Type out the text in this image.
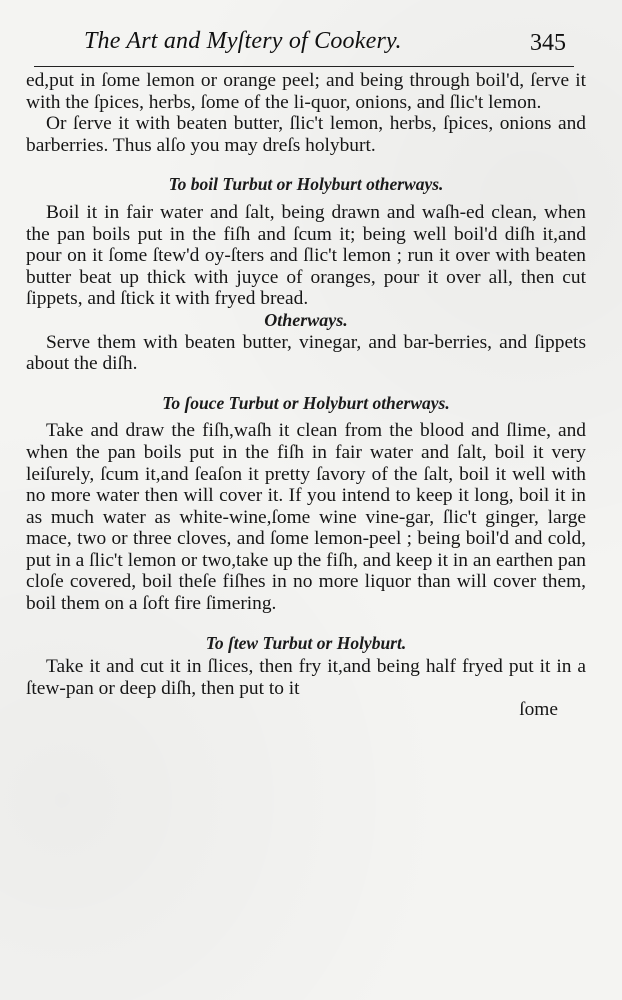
The Art and Myſtery of Cookery.	345

ed,put in ſome lemon or orange peel; and being through boil'd, ſerve it with the ſpices, herbs, ſome of the li-quor, onions, and ſlic't lemon.

Or ſerve it with beaten butter, ſlic't lemon, herbs, ſpices, onions and barberries. Thus alſo you may dreſs holyburt.

To boil Turbut or Holyburt otherways.

Boil it in fair water and ſalt, being drawn and waſh-ed clean, when the pan boils put in the fiſh and ſcum it; being well boil'd diſh it,and pour on it ſome ſtew'd oy-ſters and ſlic't lemon ; run it over with beaten butter beat up thick with juyce of oranges, pour it over all, then cut ſippets, and ſtick it with fryed bread.

Otherways.

Serve them with beaten butter, vinegar, and bar-berries, and ſippets about the diſh.

To ſouce Turbut or Holyburt otherways.

Take and draw the fiſh,waſh it clean from the blood and ſlime, and when the pan boils put in the fiſh in fair water and ſalt, boil it very leiſurely, ſcum it,and ſeaſon it pretty ſavory of the ſalt, boil it well with no more water then will cover it. If you intend to keep it long, boil it in as much water as white-wine,ſome wine vine-gar, ſlic't ginger, large mace, two or three cloves, and ſome lemon-peel ; being boil'd and cold, put in a ſlic't lemon or two,take up the fiſh, and keep it in an earthen pan cloſe covered, boil theſe fiſhes in no more liquor than will cover them, boil them on a ſoft fire ſimering.

To ſtew Turbut or Holyburt.

Take it and cut it in ſlices, then fry it,and being half fryed put it in a ſtew-pan or deep diſh, then put to it

ſome
